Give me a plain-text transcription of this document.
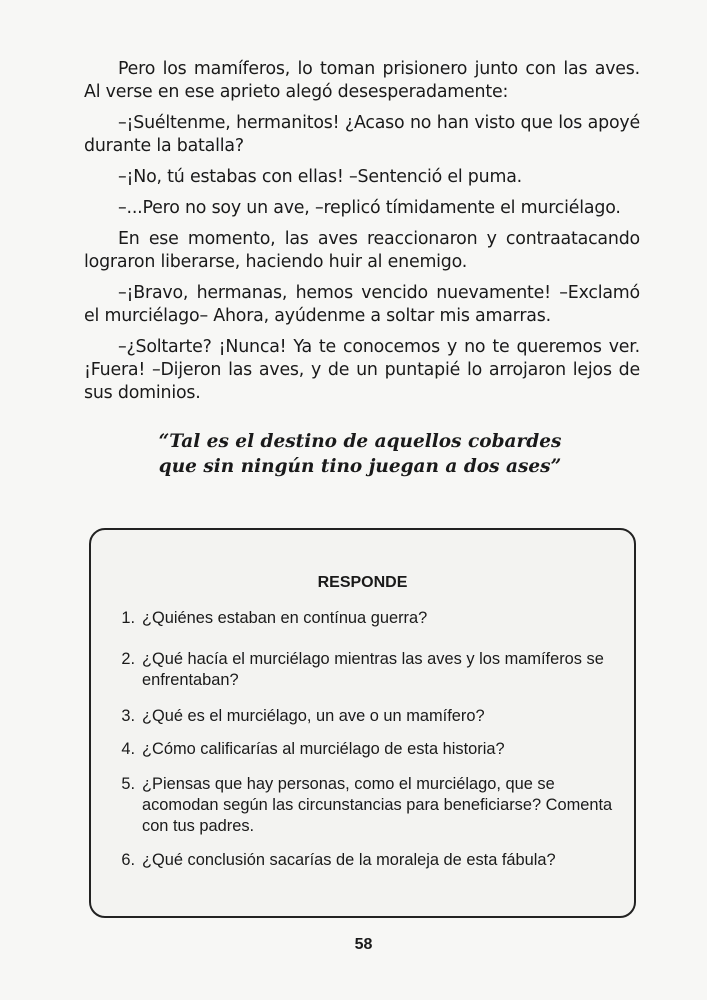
Pero los mamíferos, lo toman prisionero junto con las aves. Al verse en ese aprieto alegó desesperadamente:

–¡Suéltenme, hermanitos! ¿Acaso no han visto que los apoyé durante la batalla?

–¡No, tú estabas con ellas! –Sentenció el puma.

–...Pero no soy un ave, –replicó tímidamente el murciélago.

En ese momento, las aves reaccionaron y contraatacando lograron liberarse, haciendo huir al enemigo.

–¡Bravo, hermanas, hemos vencido nuevamente! –Exclamó el murciélago– Ahora, ayúdenme a soltar mis amarras.

–¿Soltarte? ¡Nunca! Ya te conocemos y no te queremos ver. ¡Fuera! –Dijeron las aves, y de un puntapié lo arrojaron lejos de sus dominios.

“Tal es el destino de aquellos cobardes
que sin ningún tino juegan a dos ases”
RESPONDE
1. ¿Quiénes estaban en contínua guerra?
2. ¿Qué hacía el murciélago mientras las aves y los mamíferos se enfrentaban?
3. ¿Qué es el murciélago, un ave o un mamífero?
4. ¿Cómo calificarías al murciélago de esta historia?
5. ¿Piensas que hay personas, como el murciélago, que se acomodan según las circunstancias para beneficiarse? Comenta con tus padres.
6. ¿Qué conclusión sacarías de la moraleja de esta fábula?
58
